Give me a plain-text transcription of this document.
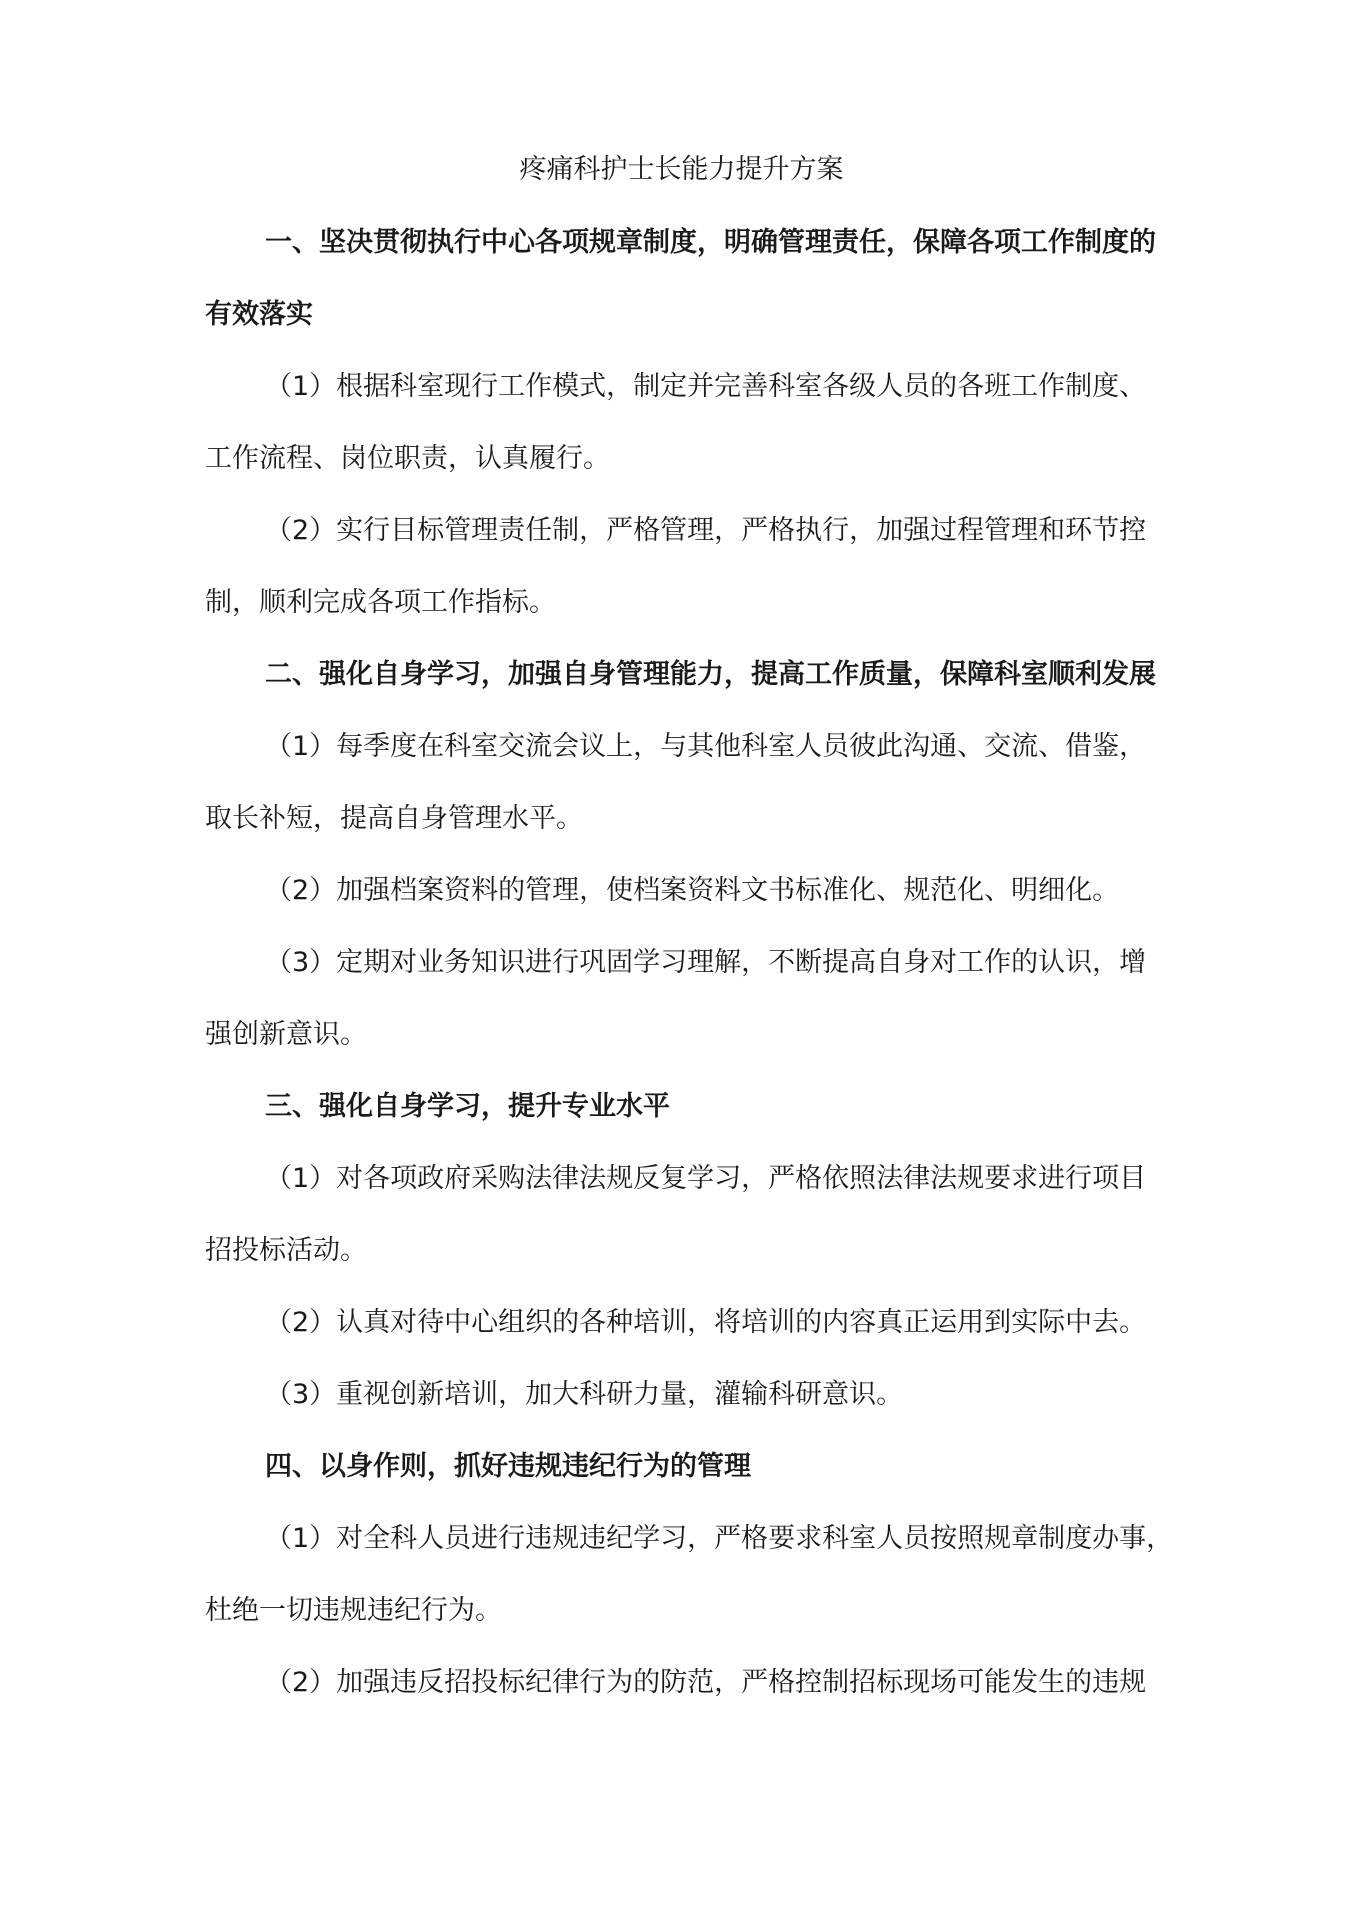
疼痛科护士长能力提升方案

一、坚决贯彻执行中心各项规章制度，明确管理责任，保障各项工作制度的

有效落实

（1）根据科室现行工作模式，制定并完善科室各级人员的各班工作制度、

工作流程、岗位职责，认真履行。

（2）实行目标管理责任制，严格管理，严格执行，加强过程管理和环节控

制，顺利完成各项工作指标。

二、强化自身学习，加强自身管理能力，提高工作质量，保障科室顺利发展

（1）每季度在科室交流会议上，与其他科室人员彼此沟通、交流、借鉴，

取长补短，提高自身管理水平。

（2）加强档案资料的管理，使档案资料文书标准化、规范化、明细化。

（3）定期对业务知识进行巩固学习理解，不断提高自身对工作的认识，增

强创新意识。

三、强化自身学习，提升专业水平

（1）对各项政府采购法律法规反复学习，严格依照法律法规要求进行项目

招投标活动。

（2）认真对待中心组织的各种培训，将培训的内容真正运用到实际中去。

（3）重视创新培训，加大科研力量，灌输科研意识。

四、以身作则，抓好违规违纪行为的管理

（1）对全科人员进行违规违纪学习，严格要求科室人员按照规章制度办事，

杜绝一切违规违纪行为。

（2）加强违反招投标纪律行为的防范，严格控制招标现场可能发生的违规
